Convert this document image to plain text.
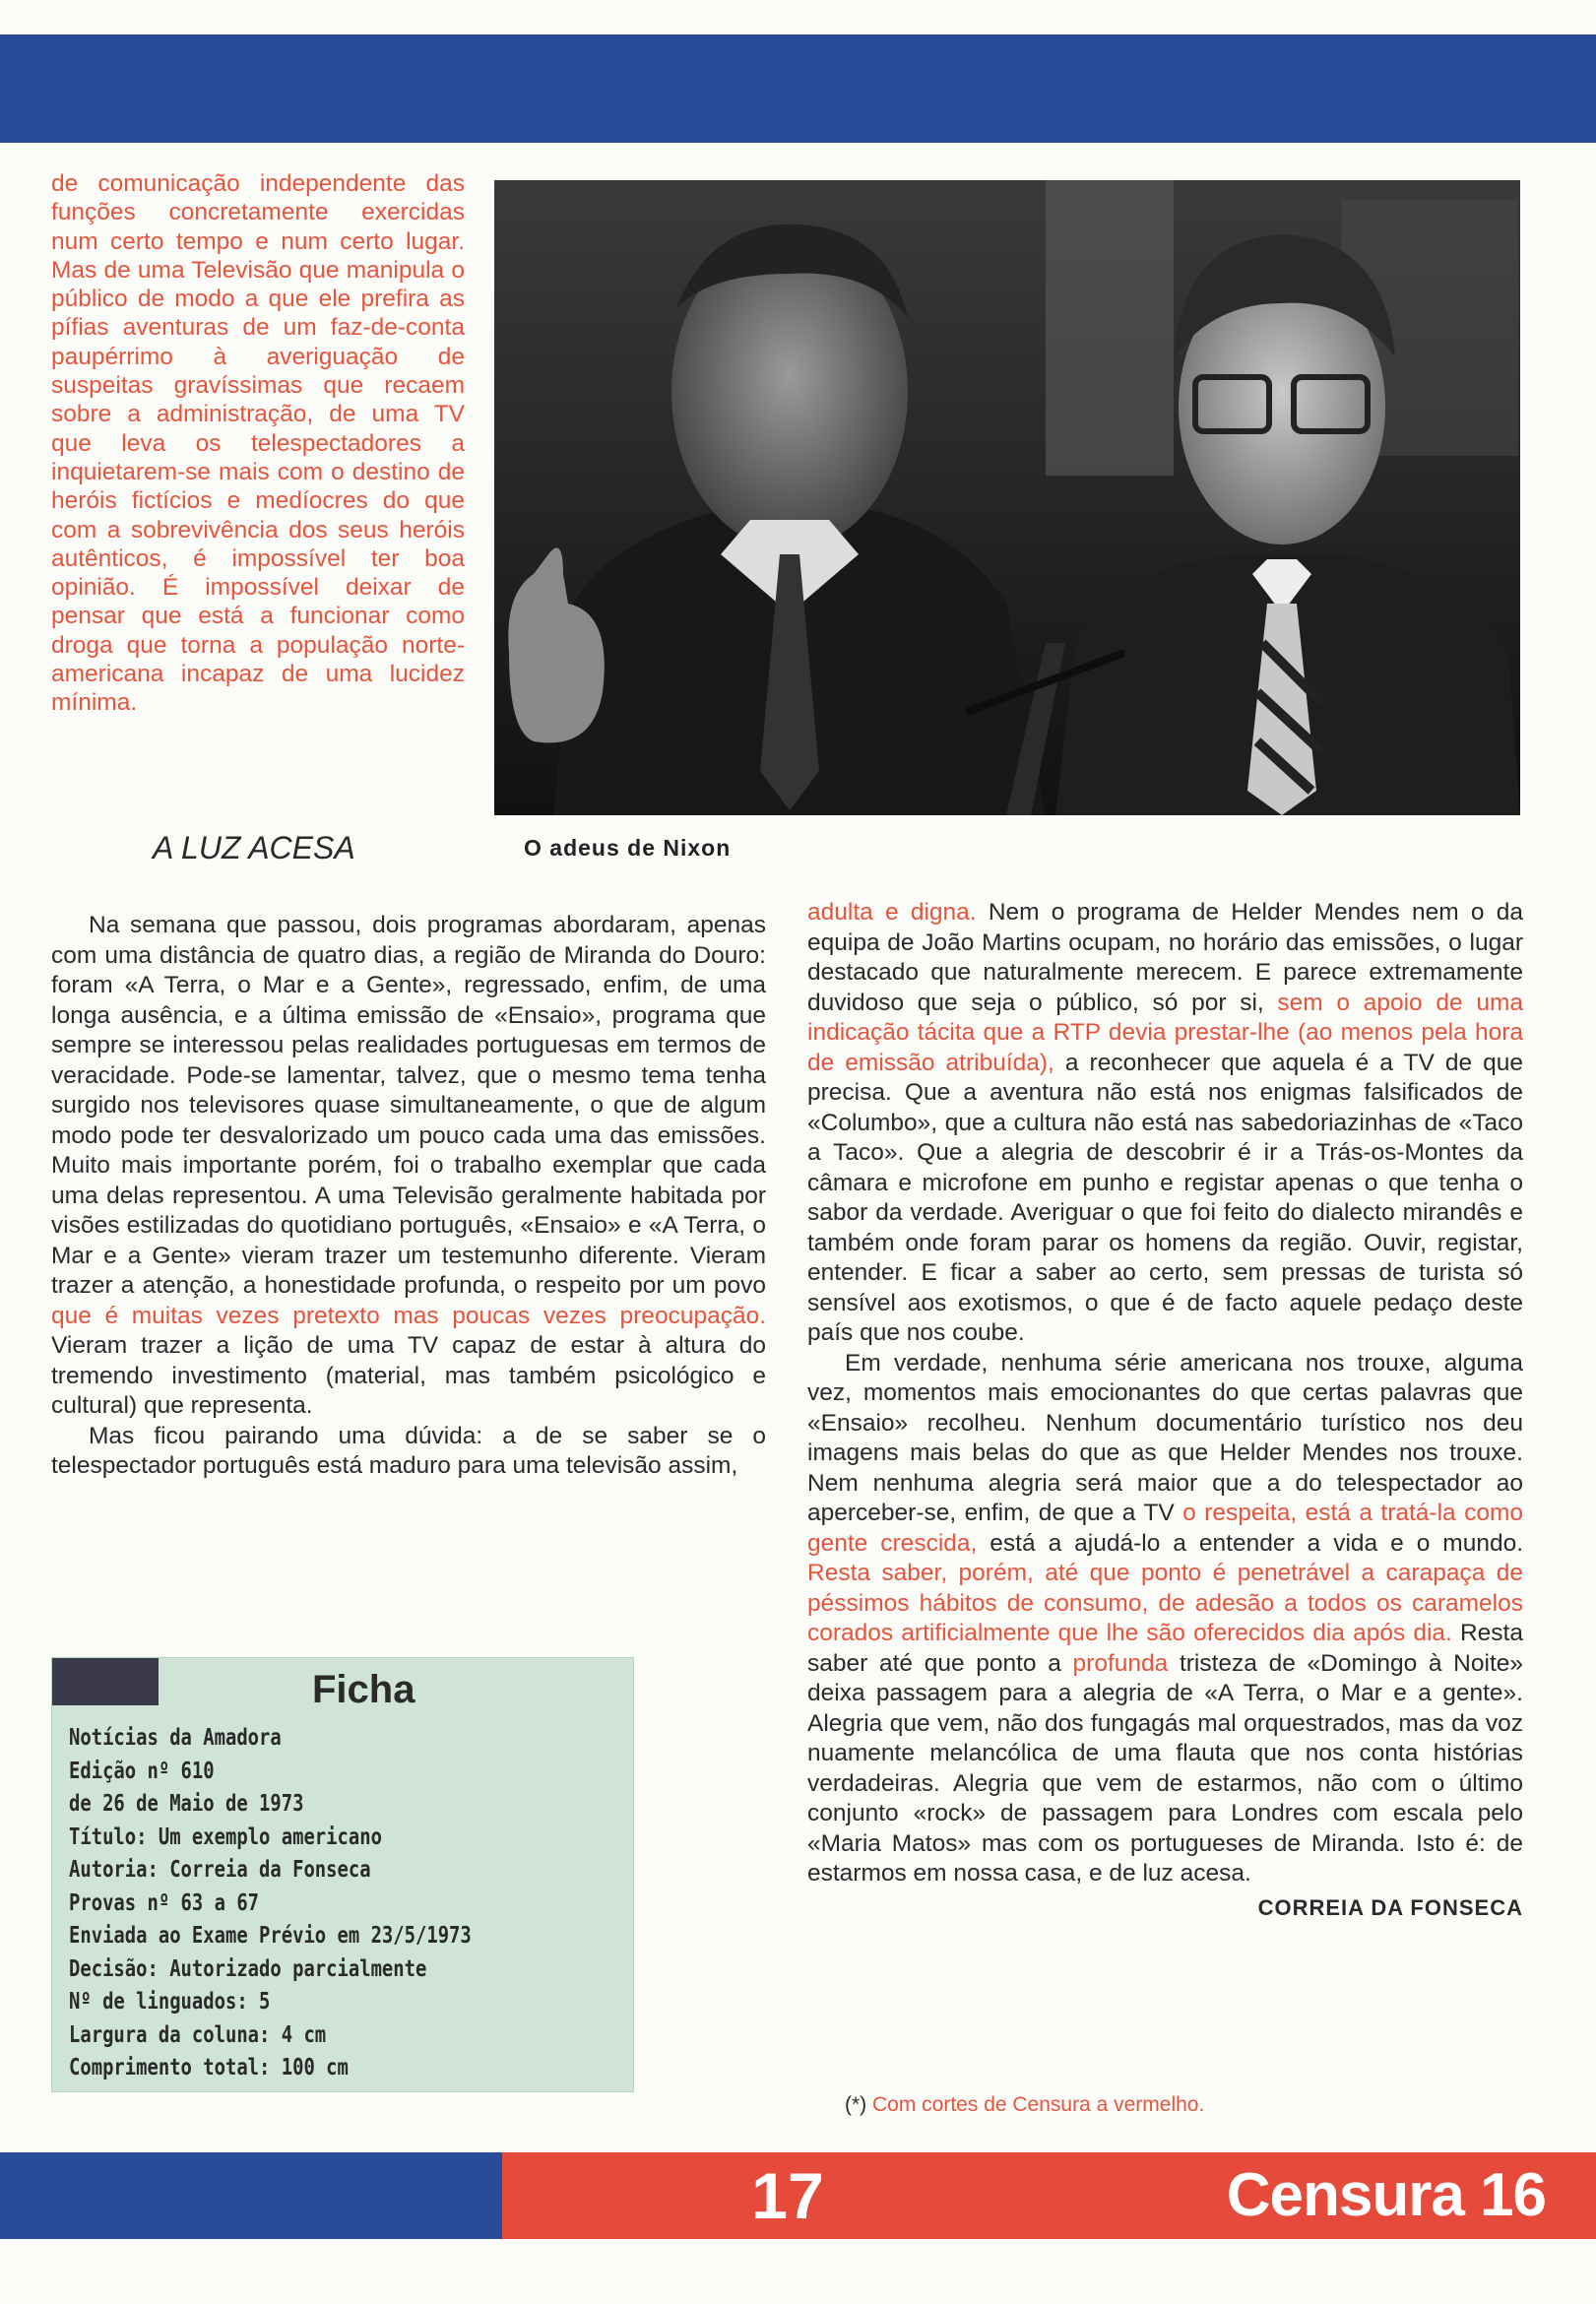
de comunicação independente das funções concretamente exercidas num certo tempo e num certo lugar. Mas de uma Televisão que manipula o público de modo a que ele prefira as pífias aventuras de um faz-de-conta paupérrimo à averiguação de suspeitas gravíssimas que recaem sobre a administração, de uma TV que leva os telespectadores a inquietarem-se mais com o destino de heróis fictícios e medíocres do que com a sobrevivência dos seus heróis autênticos, é impossível ter boa opinião. É impossível deixar de pensar que está a funcionar como droga que torna a população norte-americana incapaz de uma lucidez mínima.
A LUZ ACESA	O adeus de Nixon

Na semana que passou, dois programas abordaram, apenas com uma distância de quatro dias, a região de Miranda do Douro: foram «A Terra, o Mar e a Gente», regressado, enfim, de uma longa ausência, e a última emissão de «Ensaio», programa que sempre se interessou pelas realidades portuguesas em termos de veracidade. Pode-se lamentar, talvez, que o mesmo tema tenha surgido nos televisores quase simultaneamente, o que de algum modo pode ter desvalorizado um pouco cada uma das emissões. Muito mais importante porém, foi o trabalho exemplar que cada uma delas representou. A uma Televisão geralmente habitada por visões estilizadas do quotidiano português, «Ensaio» e «A Terra, o Mar e a Gente» vieram trazer um testemunho diferente. Vieram trazer a atenção, a honestidade profunda, o respeito por um povo que é muitas vezes pretexto mas poucas vezes preocupação. Vieram trazer a lição de uma TV capaz de estar à altura do tremendo investimento (material, mas também psicológico e cultural) que representa.

Mas ficou pairando uma dúvida: a de se saber se o telespectador português está maduro para uma televisão assim,

adulta e digna. Nem o programa de Helder Mendes nem o da equipa de João Martins ocupam, no horário das emissões, o lugar destacado que naturalmente merecem. E parece extremamente duvidoso que seja o público, só por si, sem o apoio de uma indicação tácita que a RTP devia prestar-lhe (ao menos pela hora de emissão atribuída), a reconhecer que aquela é a TV de que precisa. Que a aventura não está nos enigmas falsificados de «Columbo», que a cultura não está nas sabedoriazinhas de «Taco a Taco». Que a alegria de descobrir é ir a Trás-os-Montes da câmara e microfone em punho e registar apenas o que tenha o sabor da verdade. Averiguar o que foi feito do dialecto mirandês e também onde foram parar os homens da região. Ouvir, registar, entender. E ficar a saber ao certo, sem pressas de turista só sensível aos exotismos, o que é de facto aquele pedaço deste país que nos coube.

Em verdade, nenhuma série americana nos trouxe, alguma vez, momentos mais emocionantes do que certas palavras que «Ensaio» recolheu. Nenhum documentário turístico nos deu imagens mais belas do que as que Helder Mendes nos trouxe. Nem nenhuma alegria será maior que a do telespectador ao aperceber-se, enfim, de que a TV o respeita, está a tratá-la como gente crescida, está a ajudá-lo a entender a vida e o mundo. Resta saber, porém, até que ponto é penetrável a carapaça de péssimos hábitos de consumo, de adesão a todos os caramelos corados artificialmente que lhe são oferecidos dia após dia. Resta saber até que ponto a profunda tristeza de «Domingo à Noite» deixa passagem para a alegria de «A Terra, o Mar e a gente». Alegria que vem, não dos fungagás mal orquestrados, mas da voz nuamente melancólica de uma flauta que nos conta histórias verdadeiras. Alegria que vem de estarmos, não com o último conjunto «rock» de passagem para Londres com escala pelo «Maria Matos» mas com os portugueses de Miranda. Isto é: de estarmos em nossa casa, e de luz acesa.

CORREIA DA FONSECA
Ficha
Notícias da Amadora
Edição nº 610
de 26 de Maio de 1973
Título: Um exemplo americano
Autoria: Correia da Fonseca
Provas nº 63 a 67
Enviada ao Exame Prévio em 23/5/1973
Decisão: Autorizado parcialmente
Nº de linguados: 5
Largura da coluna: 4 cm
Comprimento total: 100 cm
(*) Com cortes de Censura a vermelho.
17	Censura 16
